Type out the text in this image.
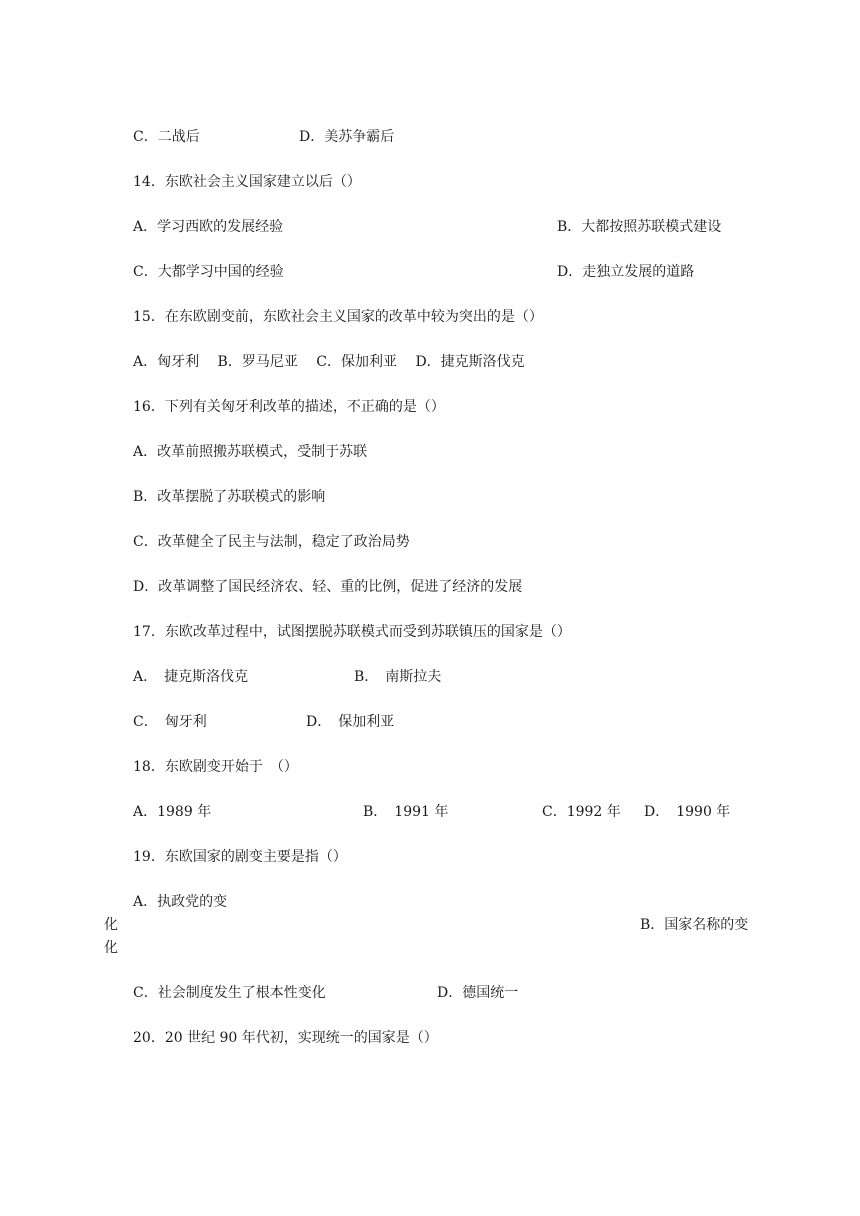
C．二战后	D．美苏争霸后
14．东欧社会主义国家建立以后（）
A．学习西欧的发展经验	B．大都按照苏联模式建设
C．大都学习中国的经验	D．走独立发展的道路
15．在东欧剧变前，东欧社会主义国家的改革中较为突出的是（）
A．匈牙利　 B．罗马尼亚　 C．保加利亚　 D．捷克斯洛伐克
16．下列有关匈牙利改革的描述，不正确的是（）
A．改革前照搬苏联模式，受制于苏联
B．改革摆脱了苏联模式的影响
C．改革健全了民主与法制，稳定了政治局势
D．改革调整了国民经济农、轻、重的比例，促进了经济的发展
17．东欧改革过程中，试图摆脱苏联模式而受到苏联镇压的国家是（）
A．　捷克斯洛伐克	B．　南斯拉夫
C．　匈牙利	D．　保加利亚
18．东欧剧变开始于　（）
A．1989 年	B．　1991 年	C．1992 年 D．　1990 年
19．东欧国家的剧变主要是指（）
A．执政党的变
化	B．国家名称的变
化
C．社会制度发生了根本性变化	D．德国统一
20．20 世纪 90 年代初，实现统一的国家是（）
